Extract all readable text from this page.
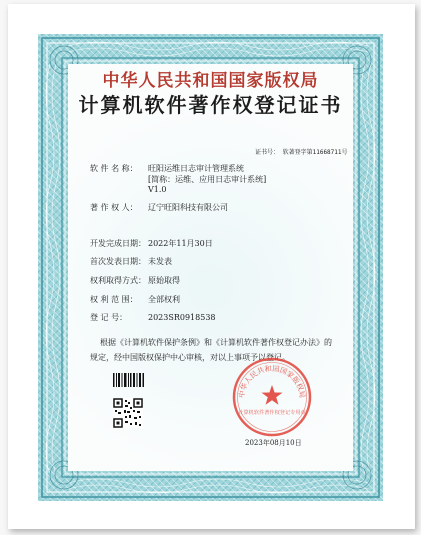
中华人民共和国国家版权局
计算机软件著作权登记证书
证书号： 软著登字第11668711号
软 件 名 称： 旺阳运维日志审计管理系统
[简称：运维、应用日志审计系统]
V1.0
著 作 权 人： 辽宁旺阳科技有限公司
开发完成日期： 2022年11月30日
首次发表日期： 未发表
权利取得方式： 原始取得
权 利 范 围： 全部权利
登 记 号：	2023SR0918538
根据《计算机软件保护条例》和《计算机软件著作权登记办法》的
规定，经中国版权保护中心审核，对以上事项予以登记。
中华人民共和国国家版权局
计算机软件著作权登记专用章
2023年08月10日
